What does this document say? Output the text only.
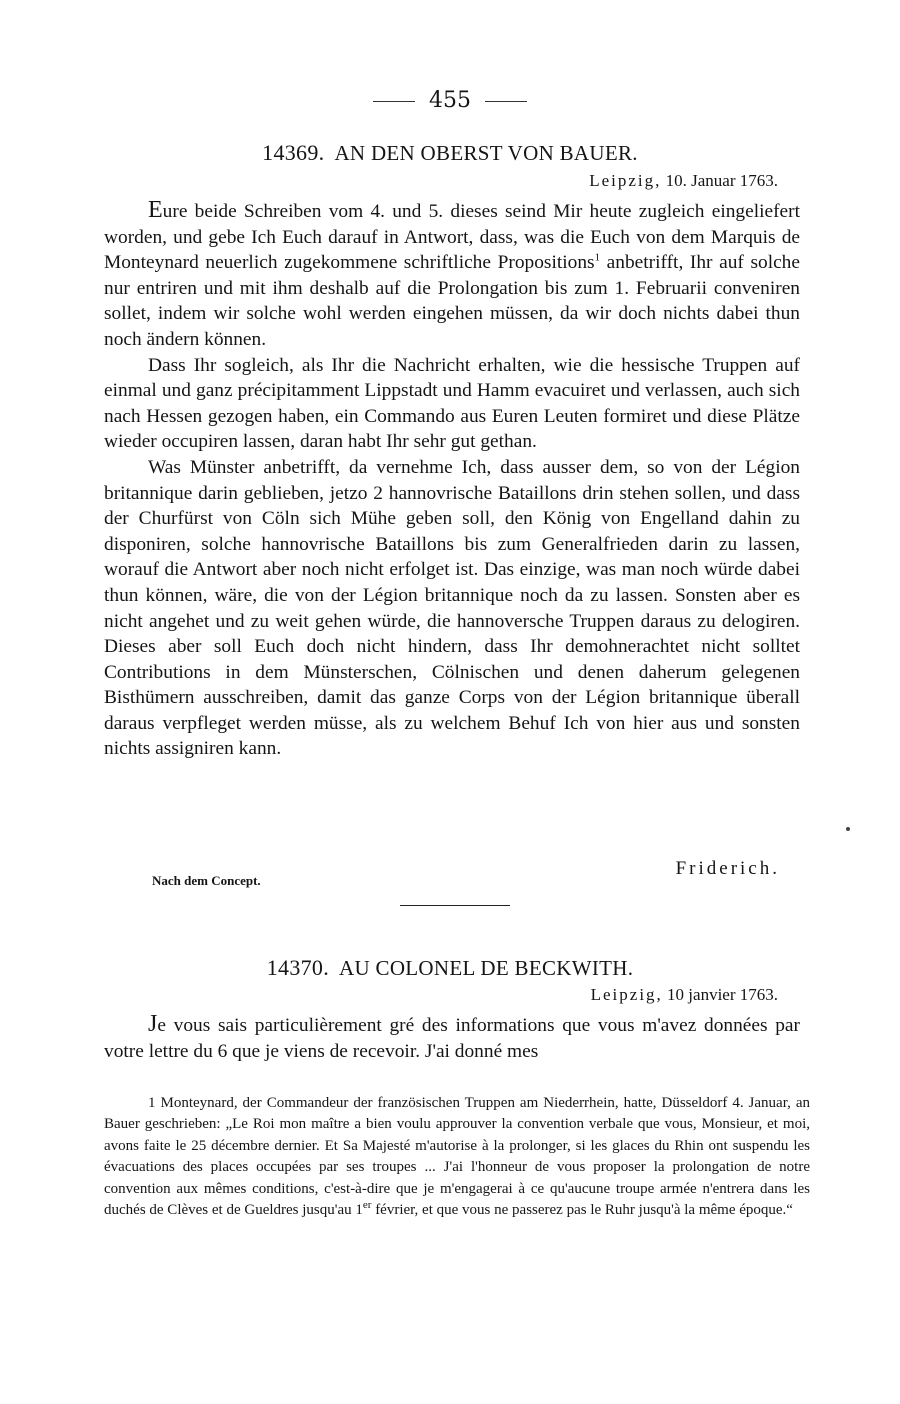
455
14369. AN DEN OBERST VON BAUER.
Leipzig, 10. Januar 1763.

Eure beide Schreiben vom 4. und 5. dieses seind Mir heute zugleich eingeliefert worden, und gebe Ich Euch darauf in Antwort, dass, was die Euch von dem Marquis de Monteynard neuerlich zugekommene schriftliche Propositions$^1$ anbetrifft, Ihr auf solche nur entriren und mit ihm deshalb auf die Prolongation bis zum 1. Februarii conveniren sollet, indem wir solche wohl werden eingehen müssen, da wir doch nichts dabei thun noch ändern können.

Dass Ihr sogleich, als Ihr die Nachricht erhalten, wie die hessische Truppen auf einmal und ganz précipitamment Lippstadt und Hamm evacuiret und verlassen, auch sich nach Hessen gezogen haben, ein Commando aus Euren Leuten formiret und diese Plätze wieder occupiren lassen, daran habt Ihr sehr gut gethan.

Was Münster anbetrifft, da vernehme Ich, dass ausser dem, so von der Légion britannique darin geblieben, jetzo 2 hannovrische Bataillons drin stehen sollen, und dass der Churfürst von Cöln sich Mühe geben soll, den König von Engelland dahin zu disponiren, solche hannovrische Bataillons bis zum Generalfrieden darin zu lassen, worauf die Antwort aber noch nicht erfolget ist. Das einzige, was man noch würde dabei thun können, wäre, die von der Légion britannique noch da zu lassen. Sonsten aber es nicht angehet und zu weit gehen würde, die hannoversche Truppen daraus zu delogiren. Dieses aber soll Euch doch nicht hindern, dass Ihr demohnerachtet nicht solltet Contributions in dem Münsterschen, Cölnischen und denen daherum gelegenen Bisthümern ausschreiben, damit das ganze Corps von der Légion britannique überall daraus verpfleget werden müsse, als zu welchem Behuf Ich von hier aus und sonsten nichts assigniren kann.

Nach dem Concept.
Friderich.
14370. AU COLONEL DE BECKWITH.
Leipzig, 10 janvier 1763.

Je vous sais particulièrement gré des informations que vous m'avez données par votre lettre du 6 que je viens de recevoir. J'ai donné mes

1 Monteynard, der Commandeur der französischen Truppen am Niederrhein, hatte, Düsseldorf 4. Januar, an Bauer geschrieben: „Le Roi mon maître a bien voulu approuver la convention verbale que vous, Monsieur, et moi, avons faite le 25 décembre dernier. Et Sa Majesté m'autorise à la prolonger, si les glaces du Rhin ont suspendu les évacuations des places occupées par ses troupes ... J'ai l'honneur de vous proposer la prolongation de notre convention aux mêmes conditions, c'est-à-dire que je m'engagerai à ce qu'aucune troupe armée n'entrera dans les duchés de Clèves et de Gueldres jusqu'au 1er février, et que vous ne passerez pas le Ruhr jusqu'à la même époque.“
